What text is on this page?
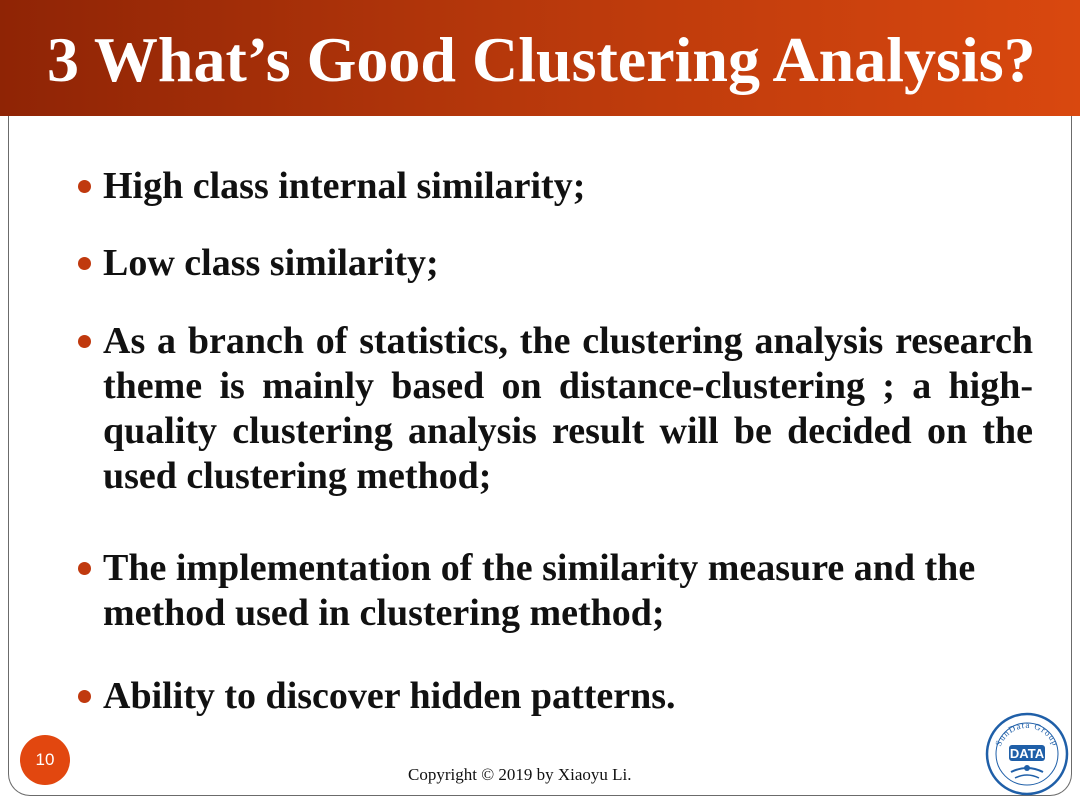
3 What’s Good Clustering Analysis?
High class internal similarity;
Low class similarity;
As a branch of statistics, the clustering analysis research theme is mainly based on distance-clustering ; a high-quality clustering analysis result will be decided on the used clustering method;
The implementation of the similarity measure and the method used in clustering method;
Ability to discover hidden patterns.
10
Copyright © 2019 by Xiaoyu Li.
SunData Group
DATA
